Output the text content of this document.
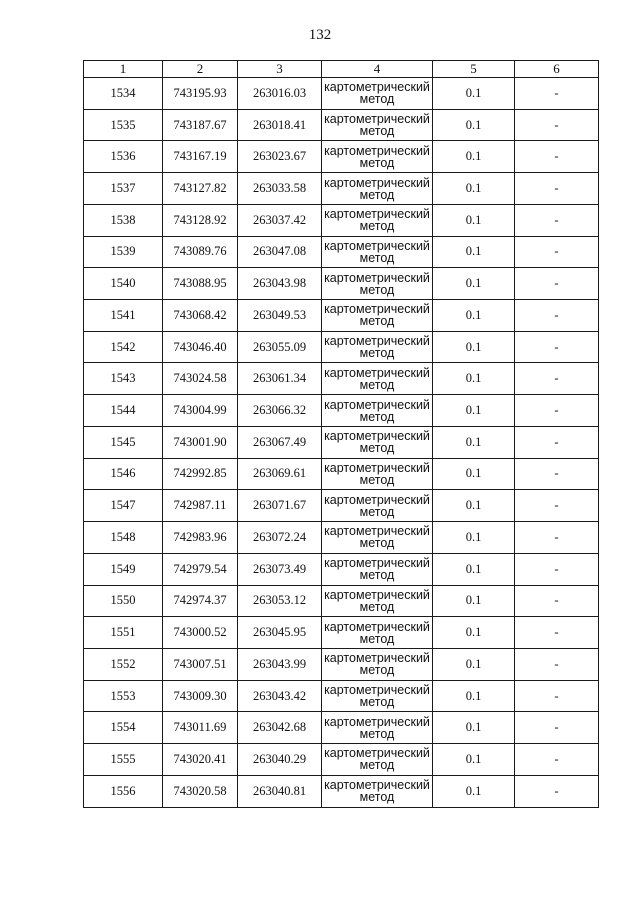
132
1	2	3	4	5	6
1534	743195.93	263016.03	картометрический метод	0.1	-
1535	743187.67	263018.41	картометрический метод	0.1	-
1536	743167.19	263023.67	картометрический метод	0.1	-
1537	743127.82	263033.58	картометрический метод	0.1	-
1538	743128.92	263037.42	картометрический метод	0.1	-
1539	743089.76	263047.08	картометрический метод	0.1	-
1540	743088.95	263043.98	картометрический метод	0.1	-
1541	743068.42	263049.53	картометрический метод	0.1	-
1542	743046.40	263055.09	картометрический метод	0.1	-
1543	743024.58	263061.34	картометрический метод	0.1	-
1544	743004.99	263066.32	картометрический метод	0.1	-
1545	743001.90	263067.49	картометрический метод	0.1	-
1546	742992.85	263069.61	картометрический метод	0.1	-
1547	742987.11	263071.67	картометрический метод	0.1	-
1548	742983.96	263072.24	картометрический метод	0.1	-
1549	742979.54	263073.49	картометрический метод	0.1	-
1550	742974.37	263053.12	картометрический метод	0.1	-
1551	743000.52	263045.95	картометрический метод	0.1	-
1552	743007.51	263043.99	картометрический метод	0.1	-
1553	743009.30	263043.42	картометрический метод	0.1	-
1554	743011.69	263042.68	картометрический метод	0.1	-
1555	743020.41	263040.29	картометрический метод	0.1	-
1556	743020.58	263040.81	картометрический метод	0.1	-
